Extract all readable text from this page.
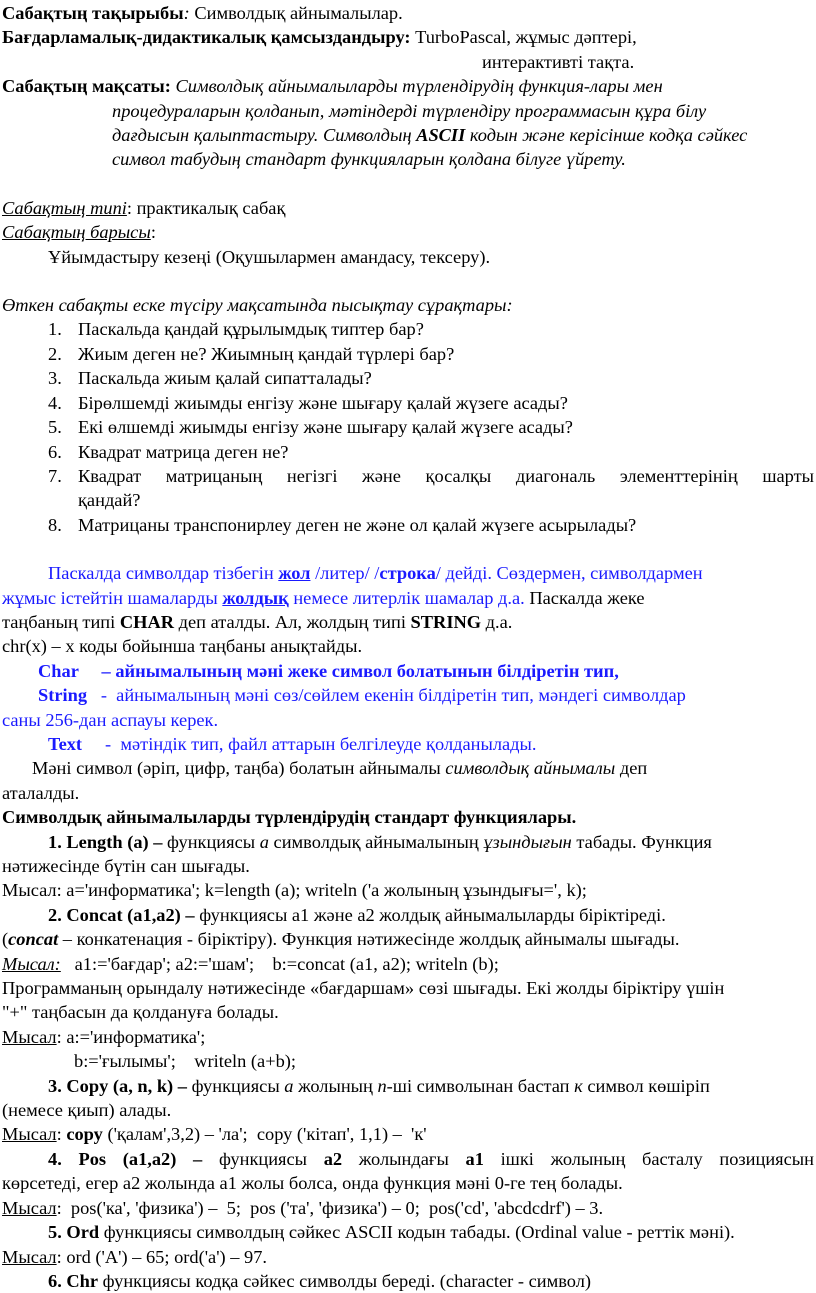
Сабақтың тақырыбы: Символдық айнымалылар.
Бағдарламалық-дидактикалық қамсыздандыру: TurboPascal, жұмыс дәптері,
интерактивті тақта.
Сабақтың мақсаты: Символдық айнымалыларды түрлендірудің функция-лары мен
процедураларын қолданып, мәтіндерді түрлендіру программасын құра білу
дағдысын қалыптастыру. Символдың ASCII кодын және керісінше кодқа сәйкес
символ табудың стандарт функцияларын қолдана білуге үйрету.
Сабақтың типі: практикалық сабақ
Сабақтың барысы:
Ұйымдастыру кезеңі (Оқушылармен амандасу, тексеру).
Өткен сабақты еске түсіру мақсатында пысықтау сұрақтары:
1. Паскальда қандай құрылымдық типтер бар?
2. Жиым деген не? Жиымның қандай түрлері бар?
3. Паскальда жиым қалай сипатталады?
4. Бірөлшемді жиымды енгізу және шығару қалай жүзеге асады?
5. Екі өлшемді жиымды енгізу және шығару қалай жүзеге асады?
6. Квадрат матрица деген не?
7. Квадрат матрицаның негізгі және қосалқы диагональ элементтерінің шарты
қандай?
8. Матрицаны транспонирлеу деген не және ол қалай жүзеге асырылады?
Паскалда символдар тізбегін жол /литер/ /строка/ дейді. Сөздермен, символдармен
жұмыс істейтін шамаларды жолдық немесе литерлік шамалар д.а. Паскалда жеке
таңбаның типі CHAR деп аталды. Ал, жолдың типі STRING д.а.
chr(x) – х коды бойынша таңбаны анықтайды.
Char     – айнымалының мәні жеке символ болатынын білдіретін тип,
String   -  айнымалының мәні сөз/сөйлем екенін білдіретін тип, мәндегі символдар
саны 256-дан аспауы керек.
Text     -  мәтіндік тип, файл аттарын белгілеуде қолданылады.
Мәні символ (әріп, цифр, таңба) болатын айнымалы символдық айнымалы деп
аталалды.
Символдық айнымалыларды түрлендірудің стандарт функциялары.
1. Length (a) – функциясы а символдық айнымалының ұзындығын табады. Функция
нәтижесінде бүтін сан шығады.
Мысал: а='информатика'; k=length (a); writeln ('а жолының ұзындығы=', k);
2. Concat (a1,a2) – функциясы а1 және а2 жолдық айнымалыларды біріктіреді.
(concat – конкатенация - біріктіру). Функция нәтижесінде жолдық айнымалы шығады.
Мысал:   a1:='бағдар'; a2:='шам';    b:=concat (a1, a2); writeln (b);
Программаның орындалу нәтижесінде «бағдаршам» сөзі шығады. Екі жолды біріктіру үшін
"+" таңбасын да қолдануға болады.
Мысал: а:='информатика';
b:='ғылымы';    writeln (a+b);
3. Copy (a, n, k) – функциясы a жолының n-ші символынан бастап к символ көшіріп
(немесе қиып) алады.
Мысал: сору ('қалам',3,2) – 'ла';  сору ('кітап', 1,1) –  'к'
4. Pos (a1,a2) – функциясы а2 жолындағы а1 ішкі жолының басталу позициясын
көрсетеді, егер а2 жолында а1 жолы болса, онда функция мәні 0-ге тең болады.
Мысал:  pos('ка', 'физика') –  5;  pos ('та', 'физика') – 0;  pos('cd', 'abcdcdrf') – 3.
5. Ord функциясы символдың сәйкес ASCII кодын табады. (Ordinal value - реттік мәні).
Мысал: ord ('A') – 65; ord('a') – 97.
6. Chr функциясы кодқа сәйкес символды береді. (character - символ)
